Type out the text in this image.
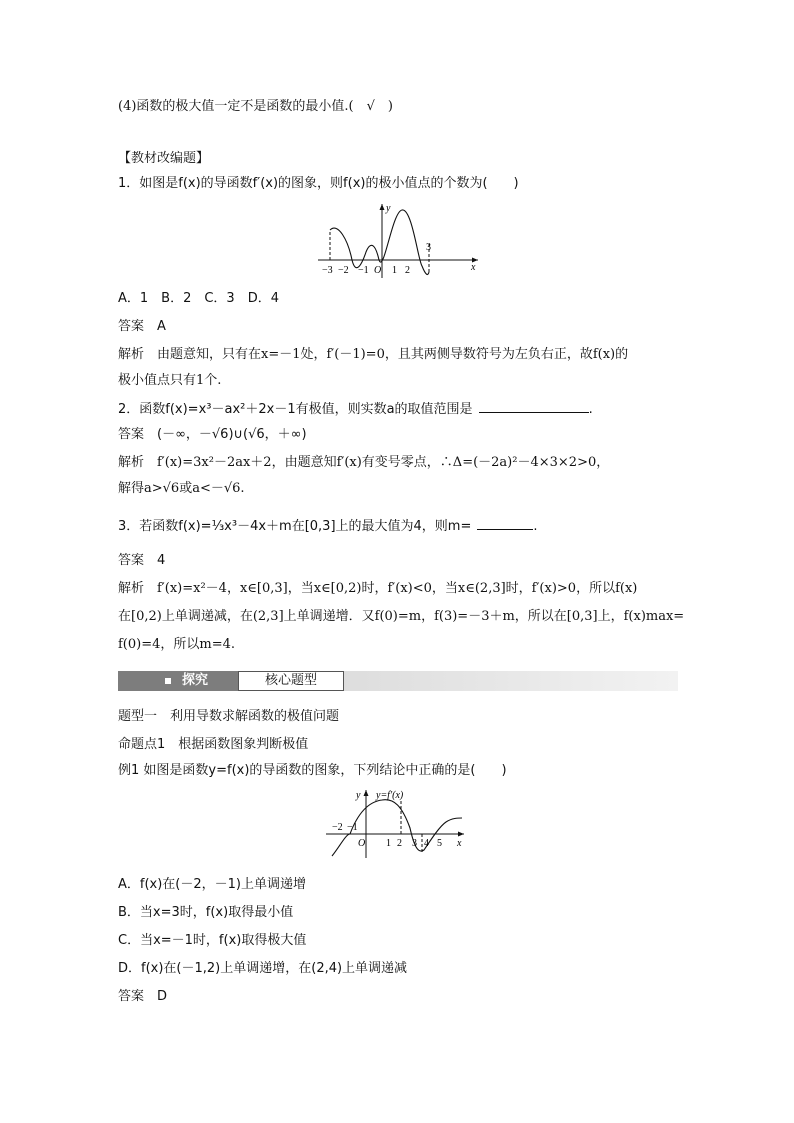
(4)函数的极大值一定不是函数的最小值.(　√　)
【教材改编题】
1．如图是f(x)的导函数f′(x)的图象，则f(x)的极小值点的个数为(　　)
y
x
O
−3 −2 −1 1 2
3
A．1　B．2　C．3　D．4
答案　A
解析　由题意知，只有在x=－1处，f′(－1)=0，且其两侧导数符号为左负右正，故f(x)的
极小值点只有1个.
2．函数f(x)=x³－ax²＋2x－1有极值，则实数a的取值范围是	.
答案　(－∞，－√6)∪(√6，＋∞)
解析　f′(x)=3x²－2ax＋2，由题意知f′(x)有变号零点，∴Δ=(－2a)²－4×3×2>0，
解得a>√6或a<－√6.
3．若函数f(x)=⅓x³－4x＋m在[0,3]上的最大值为4，则m=	.
答案　4
解析　f′(x)=x²－4，x∈[0,3]，当x∈[0,2)时，f′(x)<0，当x∈(2,3]时，f′(x)>0，所以f(x)
在[0,2)上单调递减，在(2,3]上单调递增．又f(0)=m，f(3)=－3＋m，所以在[0,3]上，f(x)max=
f(0)=4，所以m=4.
探究	核心题型
题型一　利用导数求解函数的极值问题
命题点1　根据函数图象判断极值
例1 如图是函数y=f(x)的导函数的图象，下列结论中正确的是(　　)
y y=f′(x)
x
O
−2 −1
1 2 3 4 5
A．f(x)在(－2，－1)上单调递增
B．当x=3时，f(x)取得最小值
C．当x=－1时，f(x)取得极大值
D．f(x)在(－1,2)上单调递增，在(2,4)上单调递减
答案　D
